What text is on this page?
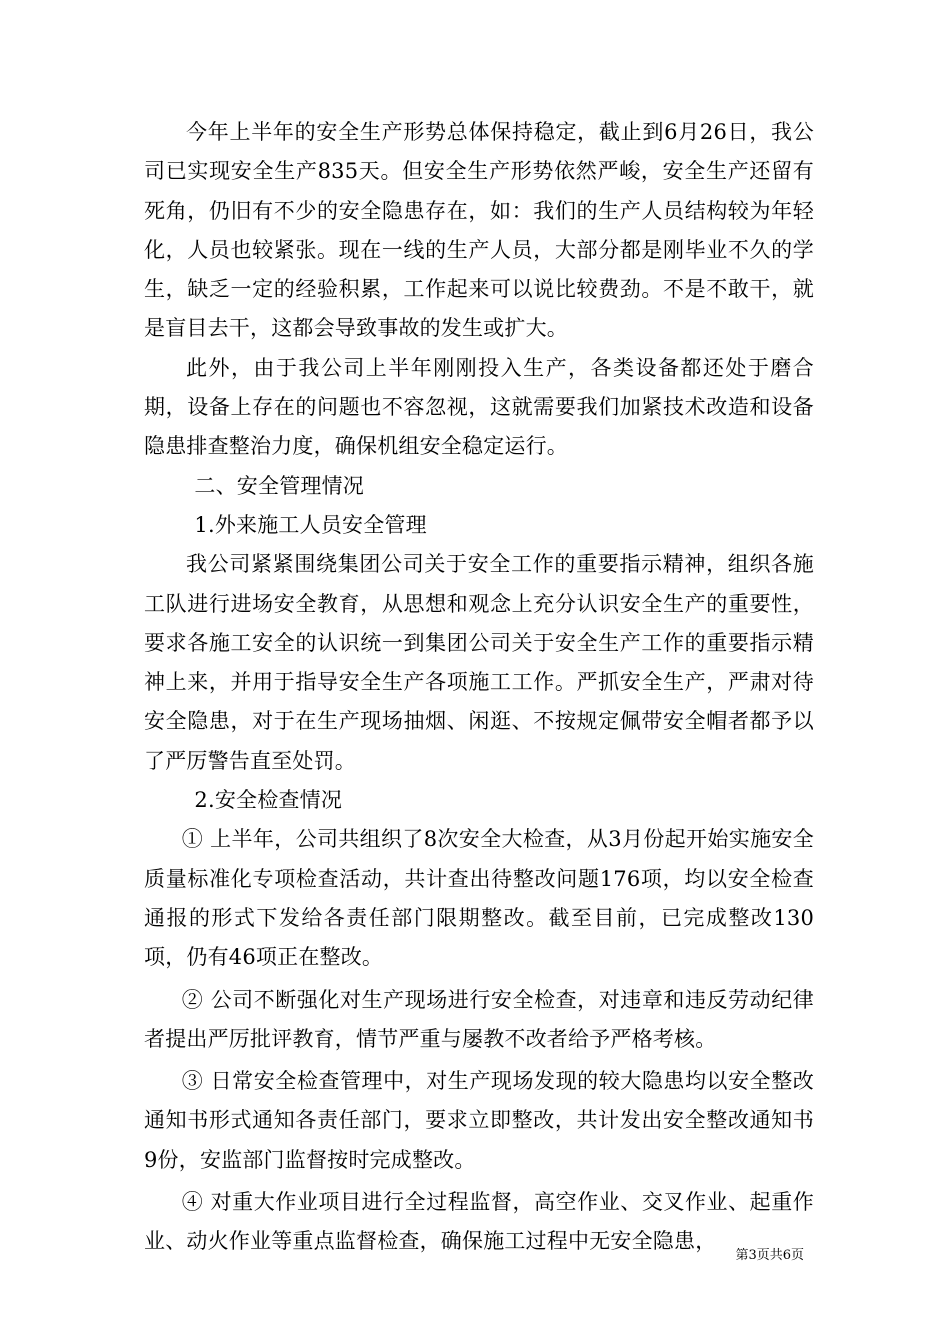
今年上半年的安全生产形势总体保持稳定，截止到6月26日，我公司已实现安全生产835天。但安全生产形势依然严峻，安全生产还留有死角，仍旧有不少的安全隐患存在，如：我们的生产人员结构较为年轻化，人员也较紧张。现在一线的生产人员，大部分都是刚毕业不久的学生，缺乏一定的经验积累，工作起来可以说比较费劲。不是不敢干，就是盲目去干，这都会导致事故的发生或扩大。

此外，由于我公司上半年刚刚投入生产，各类设备都还处于磨合期，设备上存在的问题也不容忽视，这就需要我们加紧技术改造和设备隐患排查整治力度，确保机组安全稳定运行。

二、安全管理情况

1.外来施工人员安全管理

我公司紧紧围绕集团公司关于安全工作的重要指示精神，组织各施工队进行进场安全教育，从思想和观念上充分认识安全生产的重要性，要求各施工安全的认识统一到集团公司关于安全生产工作的重要指示精神上来，并用于指导安全生产各项施工工作。严抓安全生产，严肃对待安全隐患，对于在生产现场抽烟、闲逛、不按规定佩带安全帽者都予以了严厉警告直至处罚。

2.安全检查情况

① 上半年，公司共组织了8次安全大检查，从3月份起开始实施安全质量标准化专项检查活动，共计查出待整改问题176项，均以安全检查通报的形式下发给各责任部门限期整改。截至目前，已完成整改130项，仍有46项正在整改。

② 公司不断强化对生产现场进行安全检查，对违章和违反劳动纪律者提出严厉批评教育，情节严重与屡教不改者给予严格考核。

③ 日常安全检查管理中，对生产现场发现的较大隐患均以安全整改通知书形式通知各责任部门，要求立即整改，共计发出安全整改通知书9份，安监部门监督按时完成整改。

④ 对重大作业项目进行全过程监督，高空作业、交叉作业、起重作业、动火作业等重点监督检查，确保施工过程中无安全隐患，

第3页共6页
